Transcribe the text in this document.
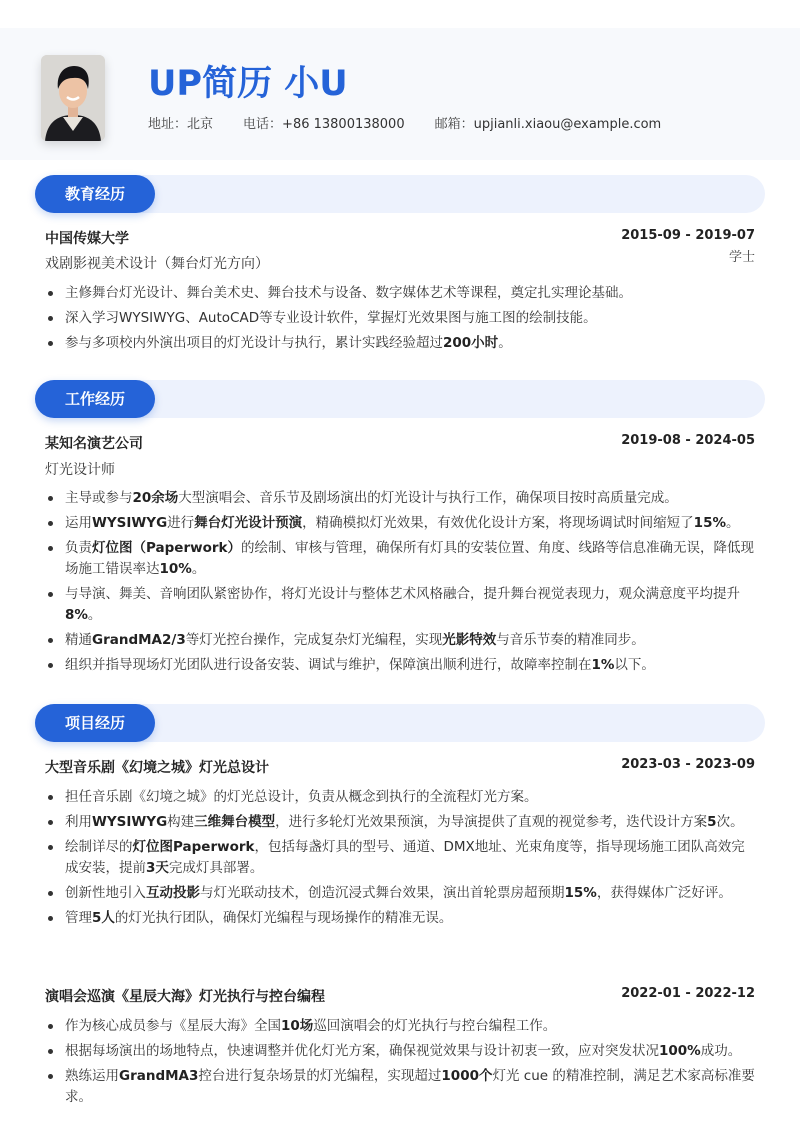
UP简历 小U
地址：北京 电话：+86 13800138000 邮箱：upjianli.xiaou@example.com
教育经历
中国传媒大学	2015-09 - 2019-07
戏剧影视美术设计（舞台灯光方向）	学士
主修舞台灯光设计、舞台美术史、舞台技术与设备、数字媒体艺术等课程，奠定扎实理论基础。
深入学习WYSIWYG、AutoCAD等专业设计软件，掌握灯光效果图与施工图的绘制技能。
参与多项校内外演出项目的灯光设计与执行，累计实践经验超过200小时。
工作经历
某知名演艺公司	2019-08 - 2024-05
灯光设计师
主导或参与20余场大型演唱会、音乐节及剧场演出的灯光设计与执行工作，确保项目按时高质量完成。
运用WYSIWYG进行舞台灯光设计预演，精确模拟灯光效果，有效优化设计方案，将现场调试时间缩短了15%。
负责灯位图（Paperwork）的绘制、审核与管理，确保所有灯具的安装位置、角度、线路等信息准确无误，降低现场施工错误率达10%。
与导演、舞美、音响团队紧密协作，将灯光设计与整体艺术风格融合，提升舞台视觉表现力，观众满意度平均提升8%。
精通GrandMA2/3等灯光控台操作，完成复杂灯光编程，实现光影特效与音乐节奏的精准同步。
组织并指导现场灯光团队进行设备安装、调试与维护，保障演出顺利进行，故障率控制在1%以下。
项目经历
大型音乐剧《幻境之城》灯光总设计	2023-03 - 2023-09
担任音乐剧《幻境之城》的灯光总设计，负责从概念到执行的全流程灯光方案。
利用WYSIWYG构建三维舞台模型，进行多轮灯光效果预演，为导演提供了直观的视觉参考，迭代设计方案5次。
绘制详尽的灯位图Paperwork，包括每盏灯具的型号、通道、DMX地址、光束角度等，指导现场施工团队高效完成安装，提前3天完成灯具部署。
创新性地引入互动投影与灯光联动技术，创造沉浸式舞台效果，演出首轮票房超预期15%，获得媒体广泛好评。
管理5人的灯光执行团队，确保灯光编程与现场操作的精准无误。
演唱会巡演《星辰大海》灯光执行与控台编程	2022-01 - 2022-12
作为核心成员参与《星辰大海》全国10场巡回演唱会的灯光执行与控台编程工作。
根据每场演出的场地特点，快速调整并优化灯光方案，确保视觉效果与设计初衷一致，应对突发状况100%成功。
熟练运用GrandMA3控台进行复杂场景的灯光编程，实现超过1000个灯光 cue 的精准控制，满足艺术家高标准要求。
